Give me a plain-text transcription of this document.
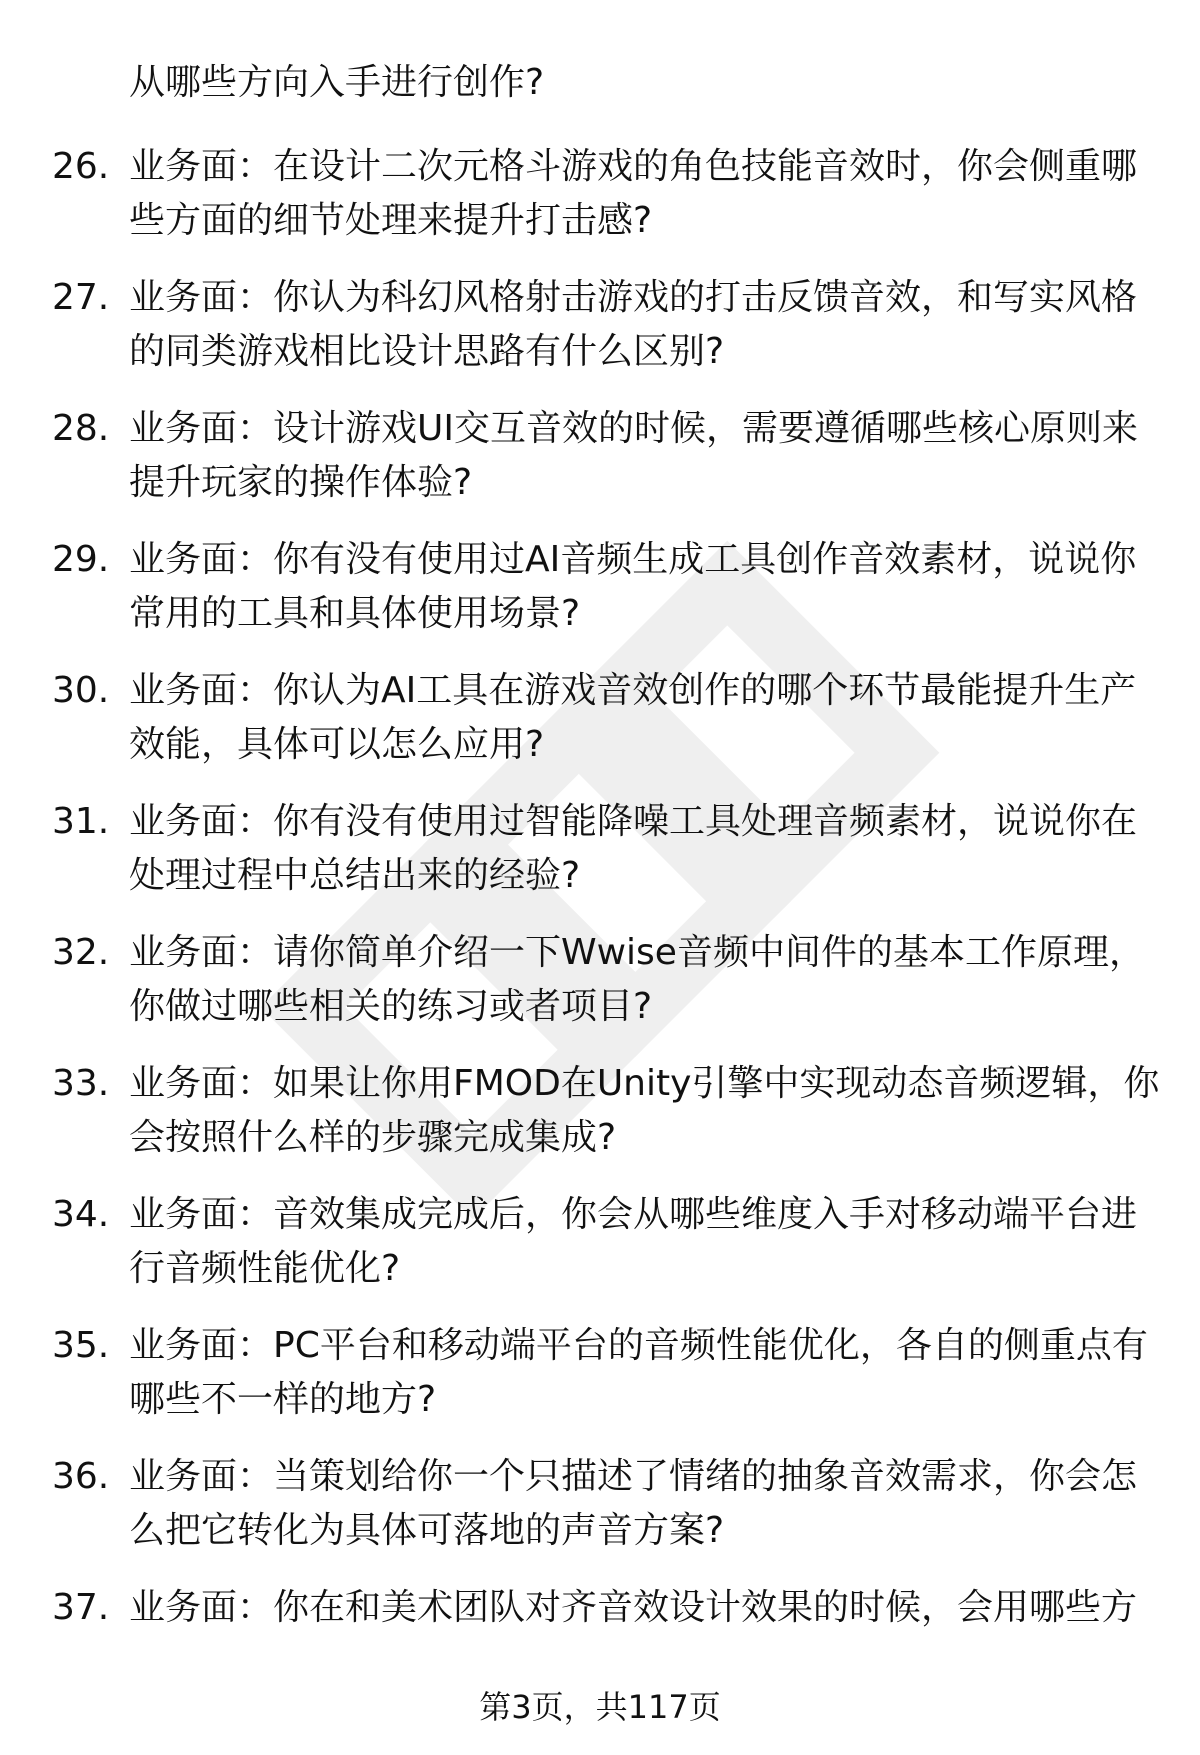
从哪些方向入手进行创作?
26. 业务面：在设计二次元格斗游戏的角色技能音效时，你会侧重哪
些方面的细节处理来提升打击感?
27. 业务面：你认为科幻风格射击游戏的打击反馈音效，和写实风格
的同类游戏相比设计思路有什么区别?
28. 业务面：设计游戏UI交互音效的时候，需要遵循哪些核心原则来
提升玩家的操作体验?
29. 业务面：你有没有使用过AI音频生成工具创作音效素材，说说你
常用的工具和具体使用场景?
30. 业务面：你认为AI工具在游戏音效创作的哪个环节最能提升生产
效能，具体可以怎么应用?
31. 业务面：你有没有使用过智能降噪工具处理音频素材，说说你在
处理过程中总结出来的经验?
32. 业务面：请你简单介绍一下Wwise音频中间件的基本工作原理，
你做过哪些相关的练习或者项目?
33. 业务面：如果让你用FMOD在Unity引擎中实现动态音频逻辑，你
会按照什么样的步骤完成集成?
34. 业务面：音效集成完成后，你会从哪些维度入手对移动端平台进
行音频性能优化?
35. 业务面：PC平台和移动端平台的音频性能优化，各自的侧重点有
哪些不一样的地方?
36. 业务面：当策划给你一个只描述了情绪的抽象音效需求，你会怎
么把它转化为具体可落地的声音方案?
37. 业务面：你在和美术团队对齐音效设计效果的时候，会用哪些方
第3页，共117页
